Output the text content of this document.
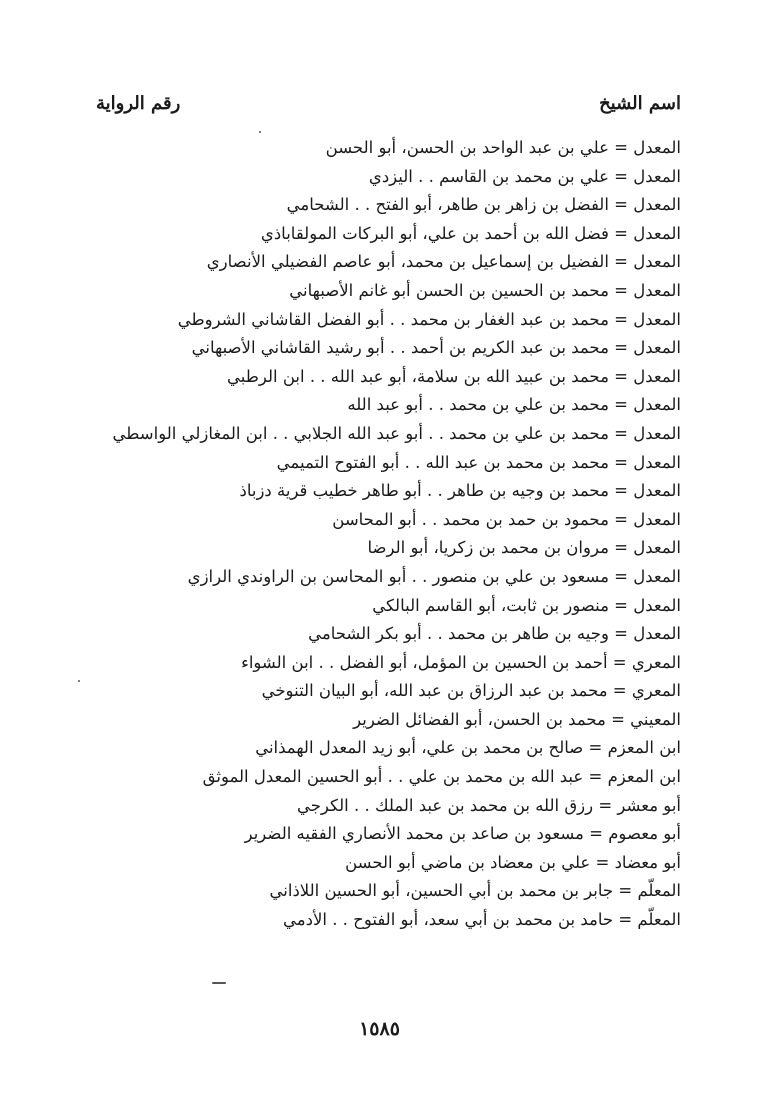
اسم الشيخ
رقم الرواية
المعدل = علي بن عبد الواحد بن الحسن، أبو الحسن
المعدل = علي بن محمد بن القاسم . . اليزدي
المعدل = الفضل بن زاهر بن طاهر، أبو الفتح . . الشحامي
المعدل = فضل الله بن أحمد بن علي، أبو البركات المولقاباذي
المعدل = الفضيل بن إسماعيل بن محمد، أبو عاصم الفضيلي الأنصاري
المعدل = محمد بن الحسين بن الحسن أبو غانم الأصبهاني
المعدل = محمد بن عبد الغفار بن محمد . . أبو الفضل القاشاني الشروطي
المعدل = محمد بن عبد الكريم بن أحمد . . أبو رشيد القاشاني الأصبهاني
المعدل = محمد بن عبيد الله بن سلامة، أبو عبد الله . . ابن الرطبي
المعدل = محمد بن علي بن محمد . . أبو عبد الله
المعدل = محمد بن علي بن محمد . . أبو عبد الله الجلابي . . ابن المغازلي الواسطي
المعدل = محمد بن محمد بن عبد الله . . أبو الفتوح التميمي
المعدل = محمد بن وجيه بن طاهر . . أبو طاهر خطيب قرية دزباذ
المعدل = محمود بن حمد بن محمد . . أبو المحاسن
المعدل = مروان بن محمد بن زكريا، أبو الرضا
المعدل = مسعود بن علي بن منصور . . أبو المحاسن بن الراوندي الرازي
المعدل = منصور بن ثابت، أبو القاسم البالكي
المعدل = وجيه بن طاهر بن محمد . . أبو بكر الشحامي
المعري = أحمد بن الحسين بن المؤمل، أبو الفضل . . ابن الشواء
المعري = محمد بن عبد الرزاق بن عبد الله، أبو البيان التنوخي
المعيني = محمد بن الحسن، أبو الفضائل الضرير
ابن المعزم = صالح بن محمد بن علي، أبو زيد المعدل الهمذاني
ابن المعزم = عبد الله بن محمد بن علي . . أبو الحسين المعدل الموثق
أبو معشر = رزق الله بن محمد بن عبد الملك . . الكرجي
أبو معصوم = مسعود بن صاعد بن محمد الأنصاري الفقيه الضرير
أبو معضاد = علي بن معضاد بن ماضي أبو الحسن
المعلّم = جابر بن محمد بن أبي الحسين، أبو الحسين اللاذاني
المعلّم = حامد بن محمد بن أبي سعد، أبو الفتوح . . الأدمي
١٥٨٥
